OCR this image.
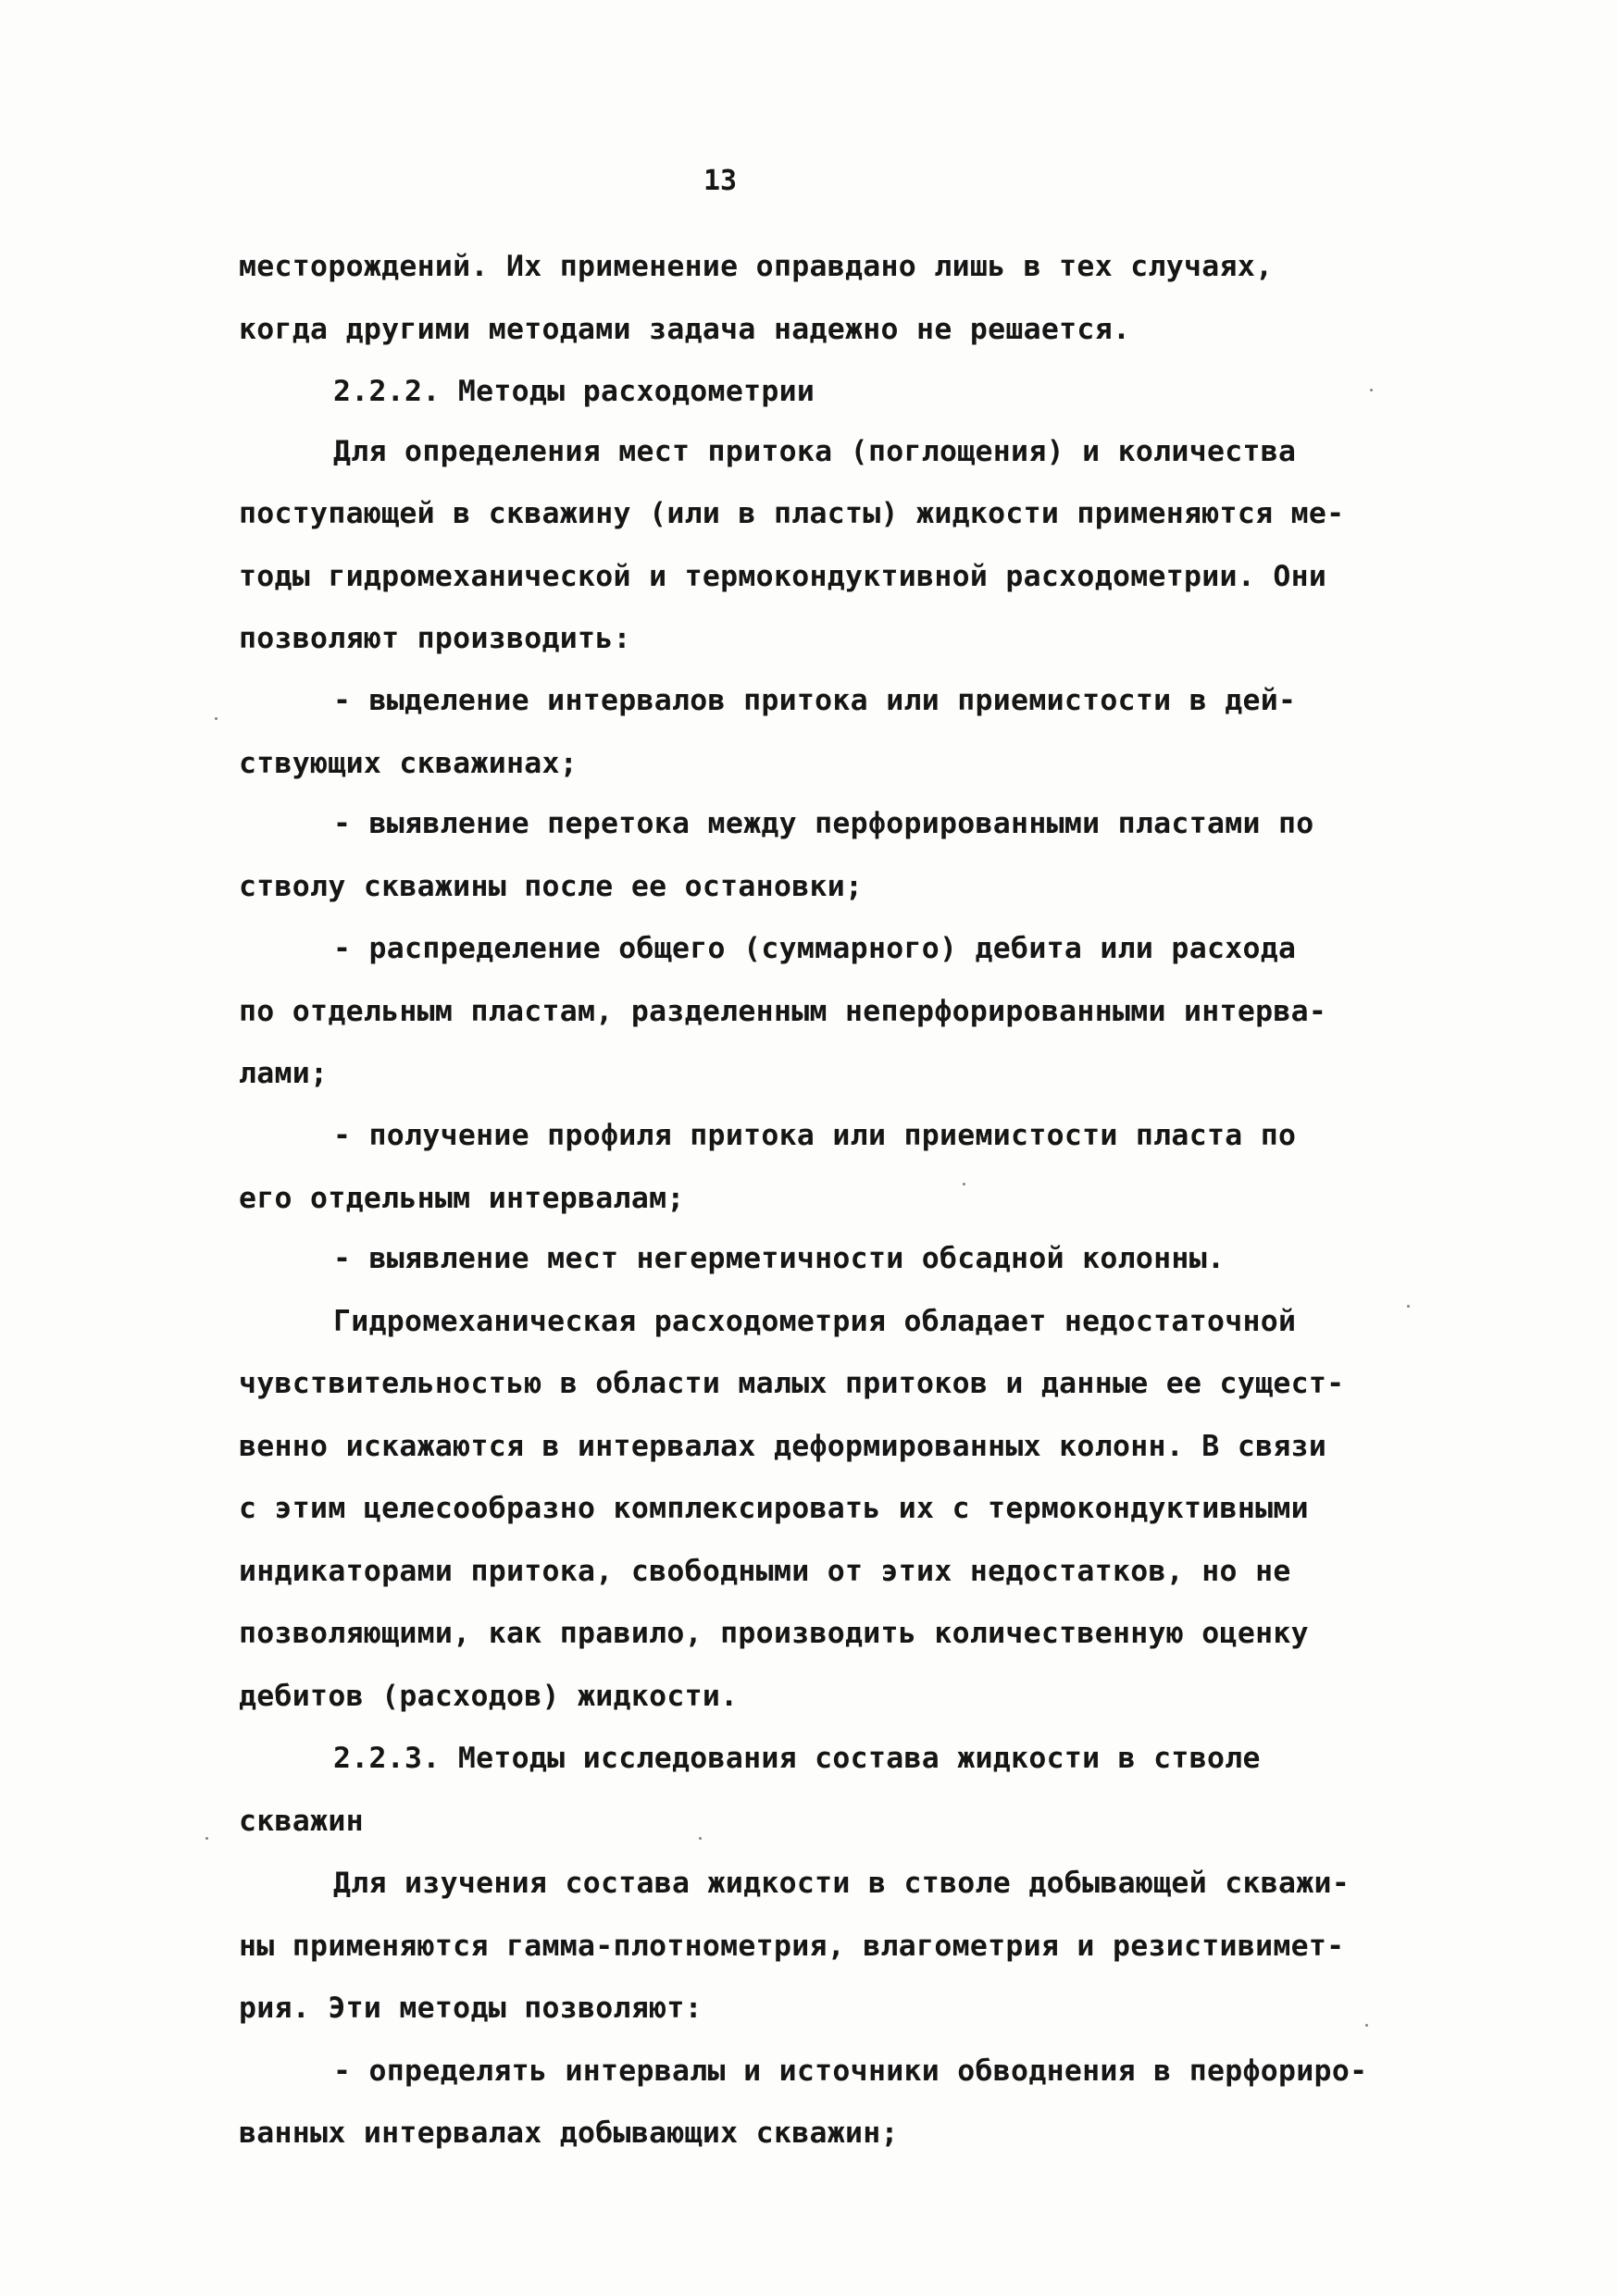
13
месторождений. Их применение оправдано лишь в тех случаях,
когда другими методами задача надежно не решается.
2.2.2. Методы расходометрии
Для определения мест притока (поглощения) и количества
поступающей в скважину (или в пласты) жидкости применяются ме-
тоды гидромеханической и термокондуктивной расходометрии. Они
позволяют производить:
- выделение интервалов притока или приемистости в дей-
ствующих скважинах;
- выявление перетока между перфорированными пластами по
стволу скважины после ее остановки;
- распределение общего (суммарного) дебита или расхода
по отдельным пластам, разделенным неперфорированными интерва-
лами;
- получение профиля притока или приемистости пласта по
его отдельным интервалам;
- выявление мест негерметичности обсадной колонны.
Гидромеханическая расходометрия обладает недостаточной
чувствительностью в области малых притоков и данные ее сущест-
венно искажаются в интервалах деформированных колонн. В связи
с этим целесообразно комплексировать их с термокондуктивными
индикаторами притока, свободными от этих недостатков, но не
позволяющими, как правило, производить количественную оценку
дебитов (расходов) жидкости.
2.2.3. Методы исследования состава жидкости в стволе
скважин
Для изучения состава жидкости в стволе добывающей скважи-
ны применяются гамма-плотнометрия, влагометрия и резистивимет-
рия. Эти методы позволяют:
- определять интервалы и источники обводнения в перфориро-
ванных интервалах добывающих скважин;
